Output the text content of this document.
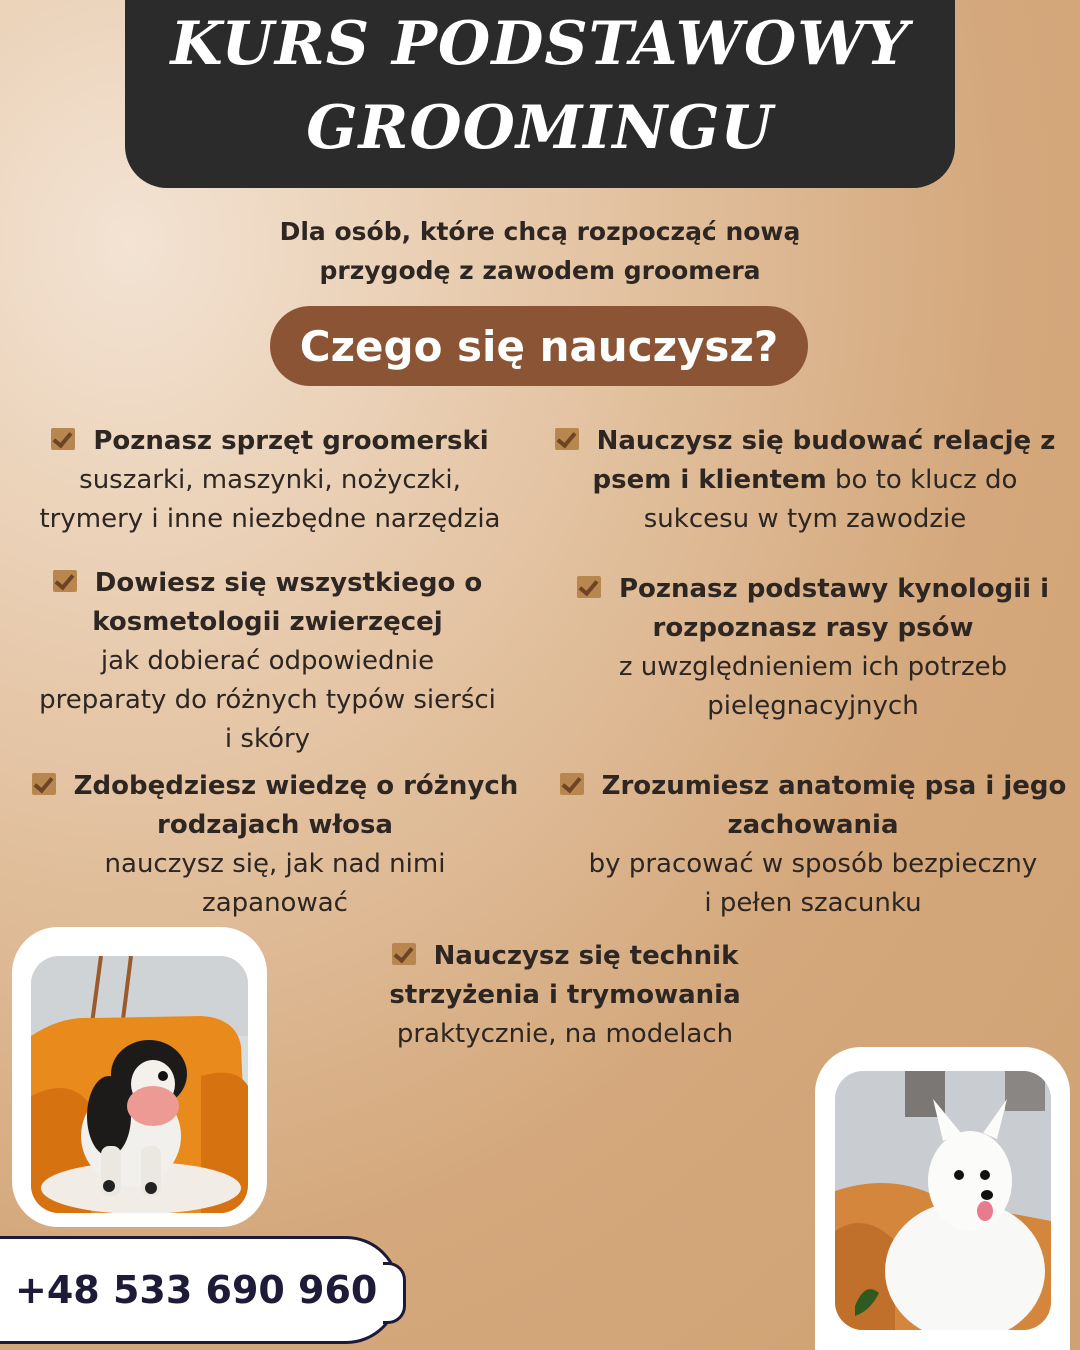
KURS PODSTAWOWY
GROOMINGU
Dla osób, które chcą rozpocząć nową
przygodę z zawodem groomera
Czego się nauczysz?
Poznasz sprzęt groomerski
suszarki, maszynki, nożyczki,
trymery i inne niezbędne narzędzia
Nauczysz się budować relację z
psem i klientem bo to klucz do
sukcesu w tym zawodzie
Dowiesz się wszystkiego o
kosmetologii zwierzęcej
jak dobierać odpowiednie
preparaty do różnych typów sierści
i skóry
Poznasz podstawy kynologii i
rozpoznasz rasy psów
z uwzględnieniem ich potrzeb
pielęgnacyjnych
Zdobędziesz wiedzę o różnych
rodzajach włosa
nauczysz się, jak nad nimi
zapanować
Zrozumiesz anatomię psa i jego
zachowania
by pracować w sposób bezpieczny
i pełen szacunku
Nauczysz się technik
strzyżenia i trymowania
praktycznie, na modelach
+48 533 690 960
